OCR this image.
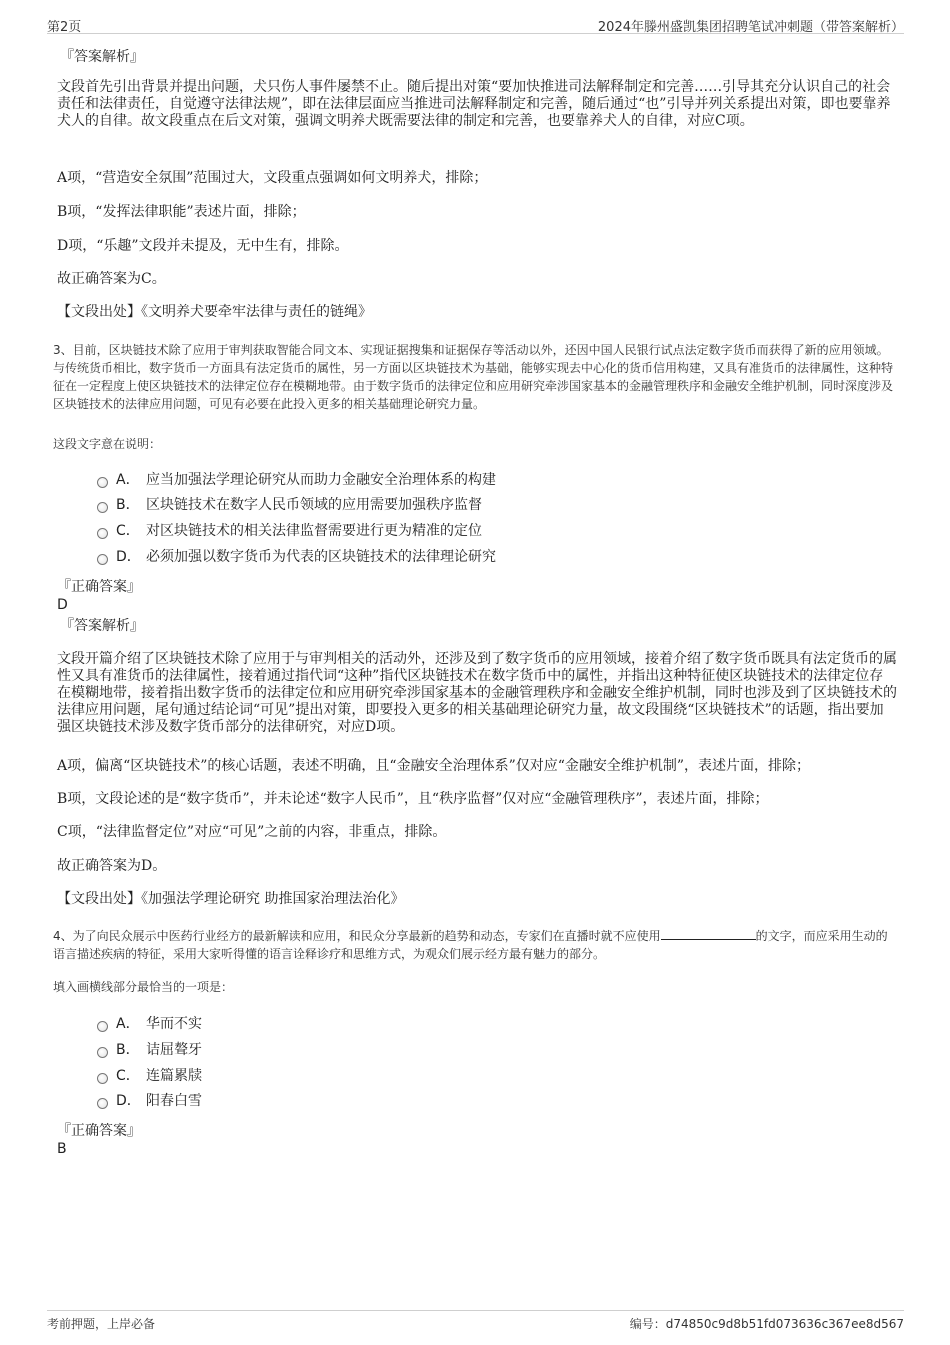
第2页	2024年滕州盛凯集团招聘笔试冲刺题（带答案解析）
『答案解析』
文段首先引出背景并提出问题，犬只伤人事件屡禁不止。随后提出对策“要加快推进司法解释制定和完善……引导其充分认识自己的社会责任和法律责任，自觉遵守法律法规”，即在法律层面应当推进司法解释制定和完善，随后通过“也”引导并列关系提出对策，即也要靠养犬人的自律。故文段重点在后文对策，强调文明养犬既需要法律的制定和完善，也要靠养犬人的自律，对应C项。
A项，“营造安全氛围”范围过大，文段重点强调如何文明养犬，排除；
B项，“发挥法律职能”表述片面，排除；
D项，“乐趣”文段并未提及，无中生有，排除。
故正确答案为C。
【文段出处】《文明养犬要牵牢法律与责任的链绳》
3、目前，区块链技术除了应用于审判获取智能合同文本、实现证据搜集和证据保存等活动以外，还因中国人民银行试点法定数字货币而获得了新的应用领域。与传统货币相比，数字货币一方面具有法定货币的属性，另一方面以区块链技术为基础，能够实现去中心化的货币信用构建，又具有准货币的法律属性，这种特征在一定程度上使区块链技术的法律定位存在模糊地带。由于数字货币的法律定位和应用研究牵涉国家基本的金融管理秩序和金融安全维护机制，同时深度涉及区块链技术的法律应用问题，可见有必要在此投入更多的相关基础理论研究力量。
这段文字意在说明：
A． 应当加强法学理论研究从而助力金融安全治理体系的构建
B． 区块链技术在数字人民币领域的应用需要加强秩序监督
C． 对区块链技术的相关法律监督需要进行更为精准的定位
D． 必须加强以数字货币为代表的区块链技术的法律理论研究
『正确答案』
D
『答案解析』
文段开篇介绍了区块链技术除了应用于与审判相关的活动外，还涉及到了数字货币的应用领域，接着介绍了数字货币既具有法定货币的属性又具有准货币的法律属性，接着通过指代词“这种”指代区块链技术在数字货币中的属性，并指出这种特征使区块链技术的法律定位存在模糊地带，接着指出数字货币的法律定位和应用研究牵涉国家基本的金融管理秩序和金融安全维护机制，同时也涉及到了区块链技术的法律应用问题，尾句通过结论词“可见”提出对策，即要投入更多的相关基础理论研究力量，故文段围绕“区块链技术”的话题，指出要加强区块链技术涉及数字货币部分的法律研究，对应D项。
A项，偏离“区块链技术”的核心话题，表述不明确，且“金融安全治理体系”仅对应“金融安全维护机制”，表述片面，排除；
B项，文段论述的是“数字货币”，并未论述“数字人民币”，且“秩序监督”仅对应“金融管理秩序”，表述片面，排除；
C项，“法律监督定位”对应“可见”之前的内容，非重点，排除。
故正确答案为D。
【文段出处】《加强法学理论研究 助推国家治理法治化》
4、为了向民众展示中医药行业经方的最新解读和应用，和民众分享最新的趋势和动态，专家们在直播时就不应使用	的文字，而应采用生动的语言描述疾病的特征，采用大家听得懂的语言诠释诊疗和思维方式，为观众们展示经方最有魅力的部分。
填入画横线部分最恰当的一项是：
A． 华而不实
B． 诘屈聱牙
C． 连篇累牍
D． 阳春白雪
『正确答案』
B
考前押题，上岸必备	编号：d74850c9d8b51fd073636c367ee8d567
